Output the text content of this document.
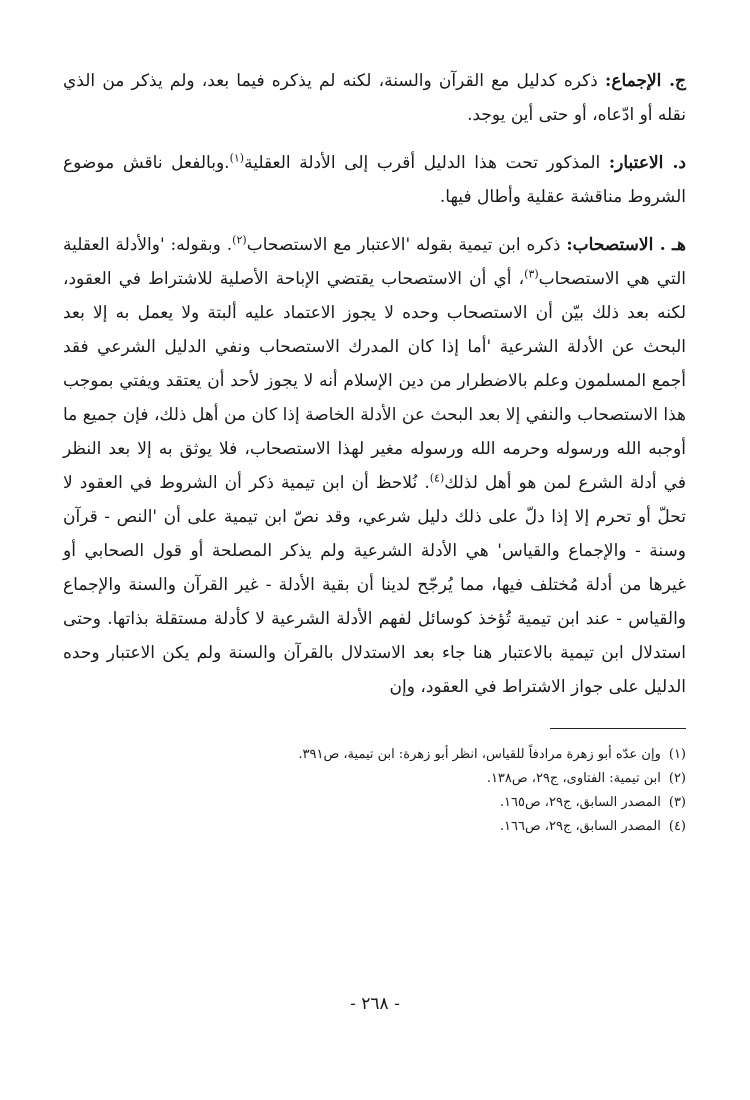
ج. الإجماع: ذكره كدليل مع القرآن والسنة، لكنه لم يذكره فيما بعد، ولم يذكر من الذي نقله أو ادّعاه، أو حتى أين يوجد.

د. الاعتبار: المذكور تحت هذا الدليل أقرب إلى الأدلة العقلية$^{(١)}$.وبالفعل ناقش موضوع الشروط مناقشة عقلية وأطال فيها.

هـ . الاستصحاب: ذكره ابن تيمية بقوله 'الاعتبار مع الاستصحاب$^{(٢)}$. وبقوله: 'والأدلة العقلية التي هي الاستصحاب$^{(٣)}$، أي أن الاستصحاب يقتضي الإباحة الأصلية للاشتراط في العقود، لكنه بعد ذلك بيّن أن الاستصحاب وحده لا يجوز الاعتماد عليه ألبتة ولا يعمل به إلا بعد البحث عن الأدلة الشرعية 'أما إذا كان المدرك الاستصحاب ونفي الدليل الشرعي فقد أجمع المسلمون وعلم بالاضطرار من دين الإسلام أنه لا يجوز لأحد أن يعتقد ويفتي بموجب هذا الاستصحاب والنفي إلا بعد البحث عن الأدلة الخاصة إذا كان من أهل ذلك، فإن جميع ما أوجبه الله ورسوله وحرمه الله ورسوله مغير لهذا الاستصحاب، فلا يوثق به إلا بعد النظر في أدلة الشرع لمن هو أهل لذلك$^{(٤)}$. نُلاحظ أن ابن تيمية ذكر أن الشروط في العقود لا تحلّ أو تحرم إلا إذا دلّ على ذلك دليل شرعي، وقد نصّ ابن تيمية على أن 'النص - قرآن وسنة - والإجماع والقياس' هي الأدلة الشرعية ولم يذكر المصلحة أو قول الصحابي أو غيرها من أدلة مُختلف فيها، مما يُرجّح لدينا أن بقية الأدلة - غير القرآن والسنة والإجماع والقياس - عند ابن تيمية تُؤخذ كوسائل لفهم الأدلة الشرعية لا كأدلة مستقلة بذاتها. وحتى استدلال ابن تيمية بالاعتبار هنا جاء بعد الاستدلال بالقرآن والسنة ولم يكن الاعتبار وحده الدليل على جواز الاشتراط في العقود، وإن

(١)وإن عدّه أبو زهرة مرادفاً للقياس، انظر أبو زهرة: ابن تيمية، ص٣٩١.

(٢)ابن تيمية: الفتاوى، ج٢٩، ص١٣٨.

(٣)المصدر السابق، ج٢٩، ص١٦٥.

(٤)المصدر السابق، ج٢٩، ص١٦٦.

- ٢٦٨ -
